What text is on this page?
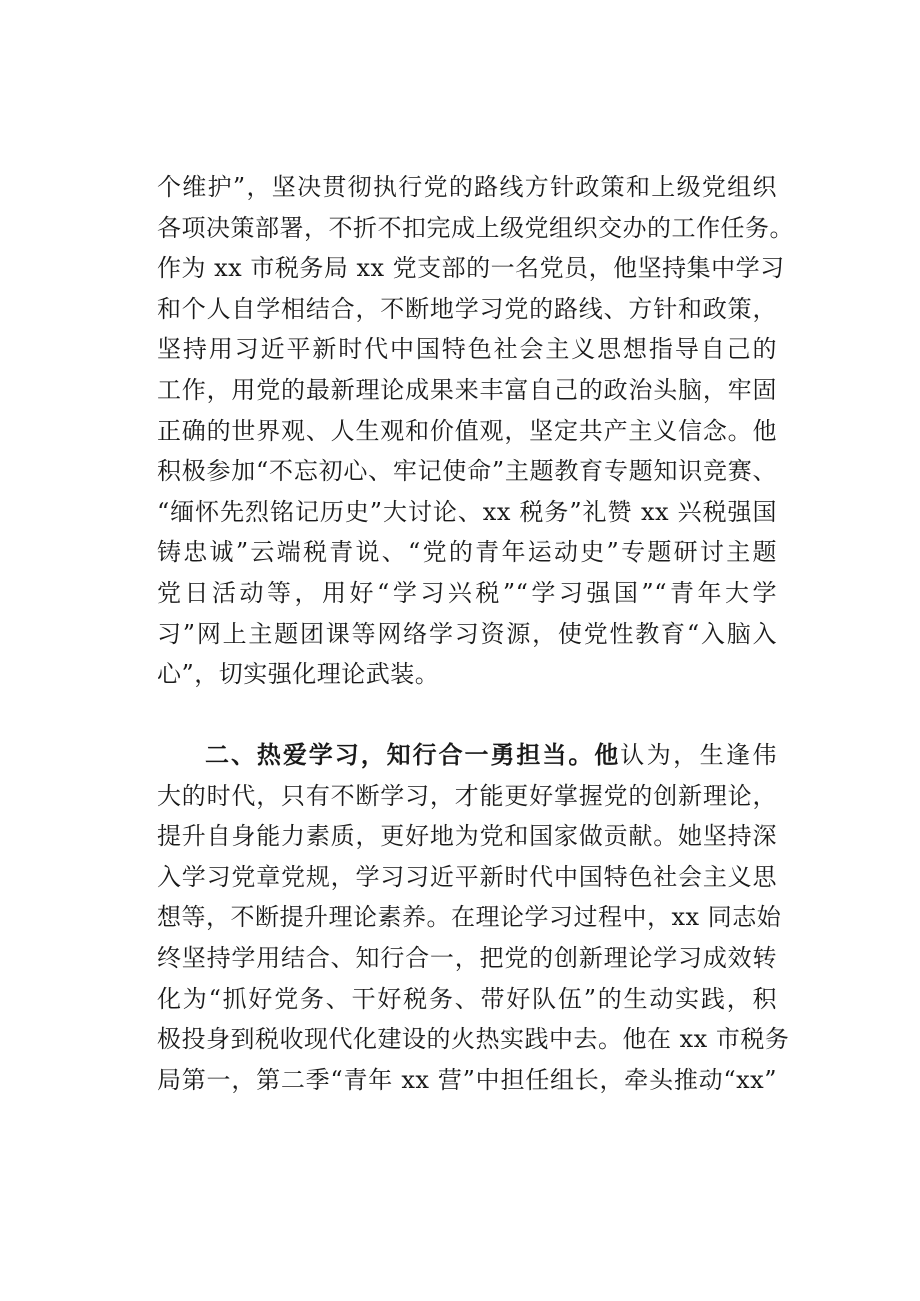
个维护”，坚决贯彻执行党的路线方针政策和上级党组织
各项决策部署，不折不扣完成上级党组织交办的工作任务。
作为 xx 市税务局 xx 党支部的一名党员，他坚持集中学习
和个人自学相结合，不断地学习党的路线、方针和政策，
坚持用习近平新时代中国特色社会主义思想指导自己的
工作，用党的最新理论成果来丰富自己的政治头脑，牢固
正确的世界观、人生观和价值观，坚定共产主义信念。他
积极参加“不忘初心、牢记使命”主题教育专题知识竞赛、
“缅怀先烈铭记历史”大讨论、xx 税务”礼赞 xx 兴税强国
铸忠诚”云端税青说、“党的青年运动史”专题研讨主题
党日活动等，用好“学习兴税”“学习强国”“青年大学
习”网上主题团课等网络学习资源，使党性教育“入脑入
心”，切实强化理论武装。
二、热爱学习，知行合一勇担当。他认为，生逢伟
大的时代，只有不断学习，才能更好掌握党的创新理论，
提升自身能力素质，更好地为党和国家做贡献。她坚持深
入学习党章党规，学习习近平新时代中国特色社会主义思
想等，不断提升理论素养。在理论学习过程中，xx 同志始
终坚持学用结合、知行合一，把党的创新理论学习成效转
化为“抓好党务、干好税务、带好队伍”的生动实践，积
极投身到税收现代化建设的火热实践中去。他在 xx 市税务
局第一，第二季“青年 xx 营”中担任组长，牵头推动“xx”
